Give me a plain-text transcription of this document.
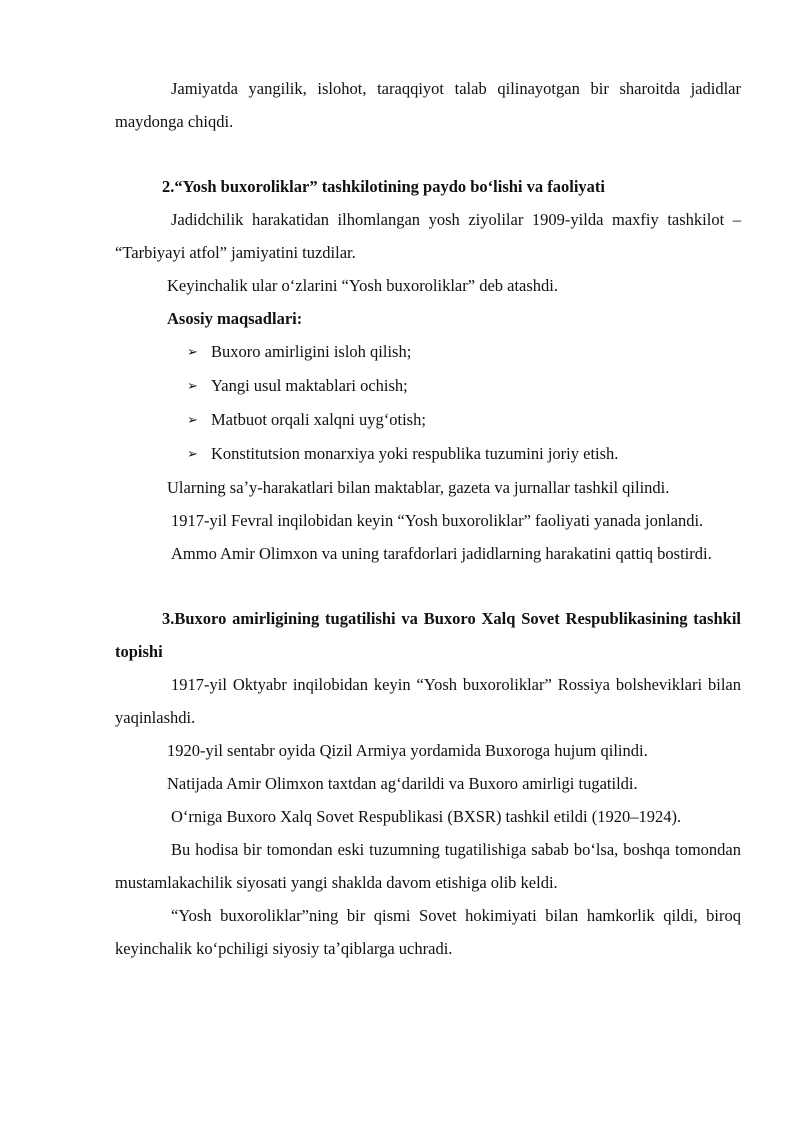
Jamiyatda yangilik, islohot, taraqqiyot talab qilinayotgan bir sharoitda jadidlar maydonga chiqdi.

2.“Yosh buxoroliklar” tashkilotining paydo boʻlishi va faoliyati

Jadidchilik harakatidan ilhomlangan yosh ziyolilar 1909-yilda maxfiy tashkilot – “Tarbiyayi atfol” jamiyatini tuzdilar.

Keyinchalik ular oʻzlarini “Yosh buxoroliklar” deb atashdi.

Asosiy maqsadlari:

➢ Buxoro amirligini isloh qilish;
➢ Yangi usul maktablari ochish;
➢ Matbuot orqali xalqni uygʻotish;
➢ Konstitutsion monarxiya yoki respublika tuzumini joriy etish.

Ularning saʼy-harakatlari bilan maktablar, gazeta va jurnallar tashkil qilindi.

1917-yil Fevral inqilobidan keyin “Yosh buxoroliklar” faoliyati yanada jonlandi.

Ammo Amir Olimxon va uning tarafdorlari jadidlarning harakatini qattiq bostirdi.

3.Buxoro amirligining tugatilishi va Buxoro Xalq Sovet Respublikasining tashkil topishi

1917-yil Oktyabr inqilobidan keyin “Yosh buxoroliklar” Rossiya bolsheviklari bilan yaqinlashdi.

1920-yil sentabr oyida Qizil Armiya yordamida Buxoroga hujum qilindi.

Natijada Amir Olimxon taxtdan agʻdarildi va Buxoro amirligi tugatildi.

Oʻrniga Buxoro Xalq Sovet Respublikasi (BXSR) tashkil etildi (1920–1924).

Bu hodisa bir tomondan eski tuzumning tugatilishiga sabab boʻlsa, boshqa tomondan mustamlakachilik siyosati yangi shaklda davom etishiga olib keldi.

“Yosh buxoroliklar”ning bir qismi Sovet hokimiyati bilan hamkorlik qildi, biroq keyinchalik koʻpchiligi siyosiy taʼqiblarga uchradi.
